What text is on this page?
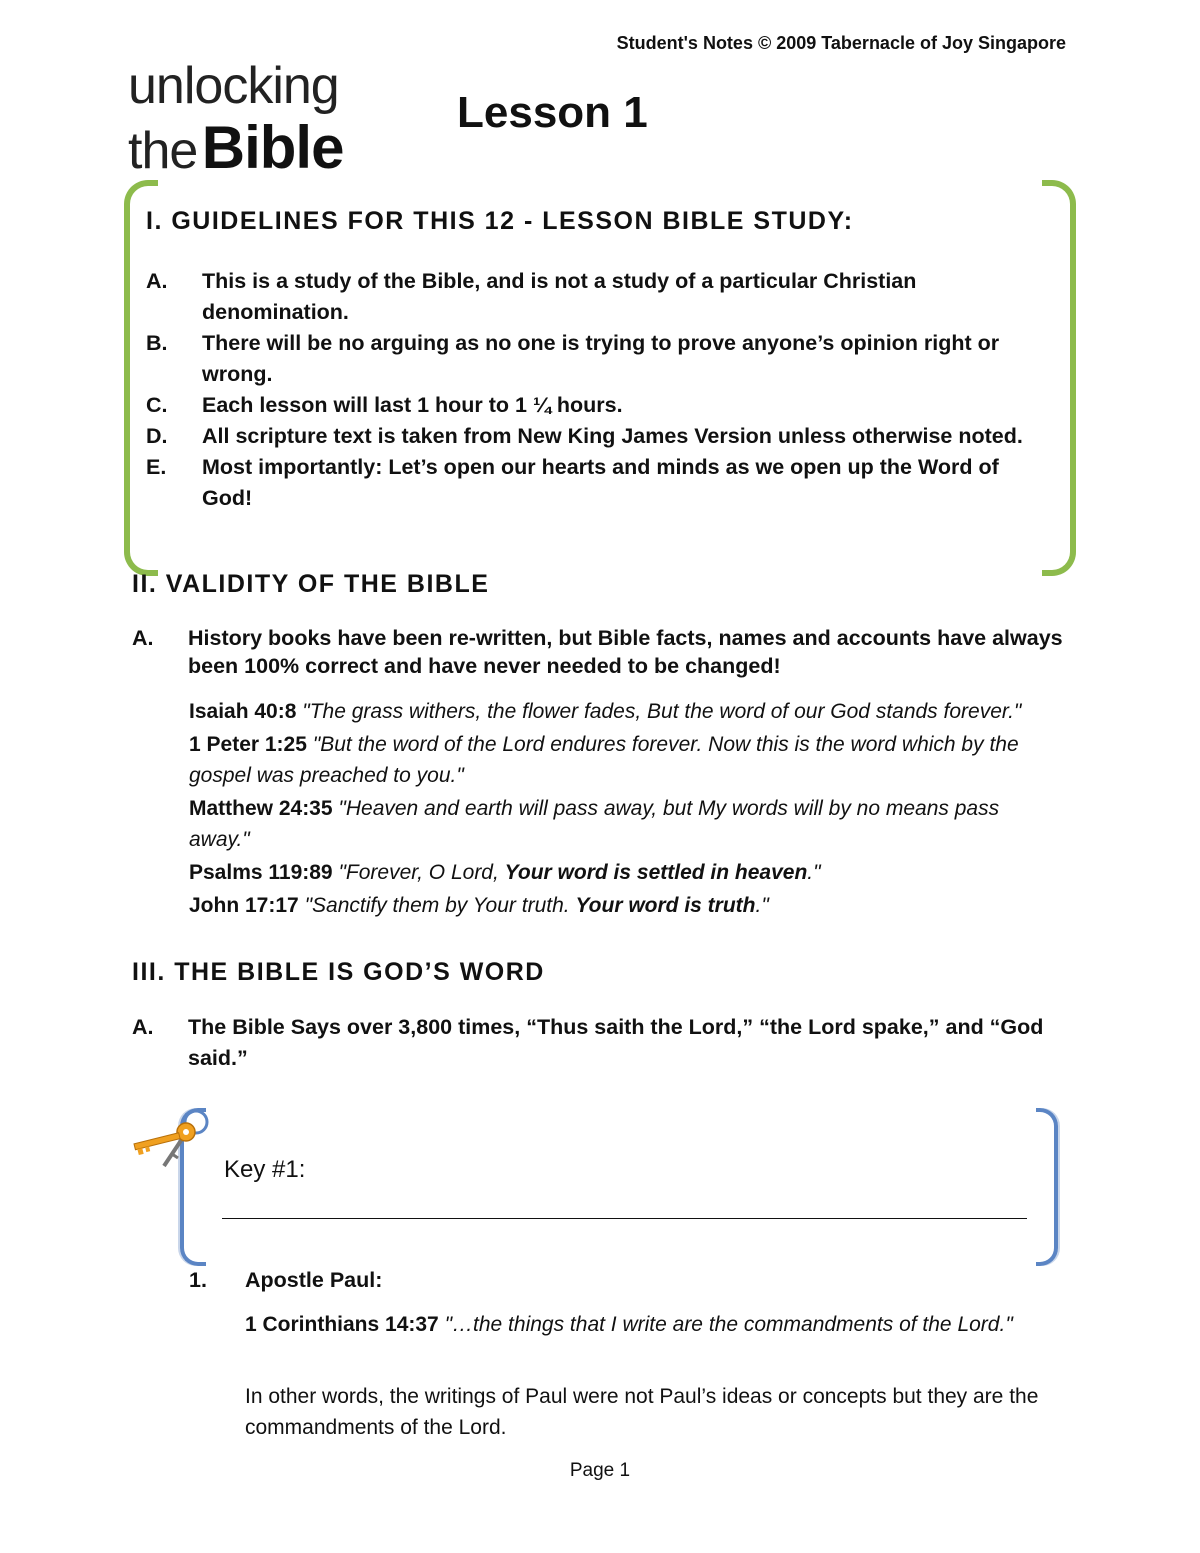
Student's Notes © 2009 Tabernacle of Joy Singapore
unlocking
the Bible
Lesson 1
I. GUIDELINES FOR THIS 12 - LESSON BIBLE STUDY:
A.	This is a study of the Bible, and is not a study of a particular Christian denomination.
B.	There will be no arguing as no one is trying to prove anyone’s opinion right or wrong.
C.	Each lesson will last 1 hour to 1 ¼ hours.
D.	All scripture text is taken from New King James Version unless otherwise noted.
E.	Most importantly: Let’s open our hearts and minds as we open up the Word of God!
II. VALIDITY OF THE BIBLE
A.	History books have been re-written, but Bible facts, names and accounts have always been 100% correct and have never needed to be changed!
Isaiah 40:8 "The grass withers, the flower fades, But the word of our God stands forever."
1 Peter 1:25 "But the word of the Lord endures forever. Now this is the word which by the gospel was preached to you."
Matthew 24:35 "Heaven and earth will pass away, but My words will by no means pass away."
Psalms 119:89 "Forever, O Lord, Your word is settled in heaven."
John 17:17 "Sanctify them by Your truth. Your word is truth."
III. THE BIBLE IS GOD’S WORD
A.	The Bible Says over 3,800 times, “Thus saith the Lord,” “the Lord spake,” and “God said.”
Key #1:
1.	Apostle Paul:
1 Corinthians 14:37 "…the things that I write are the commandments of the Lord."
In other words, the writings of Paul were not Paul’s ideas or concepts but they are the commandments of the Lord.
Page 1
